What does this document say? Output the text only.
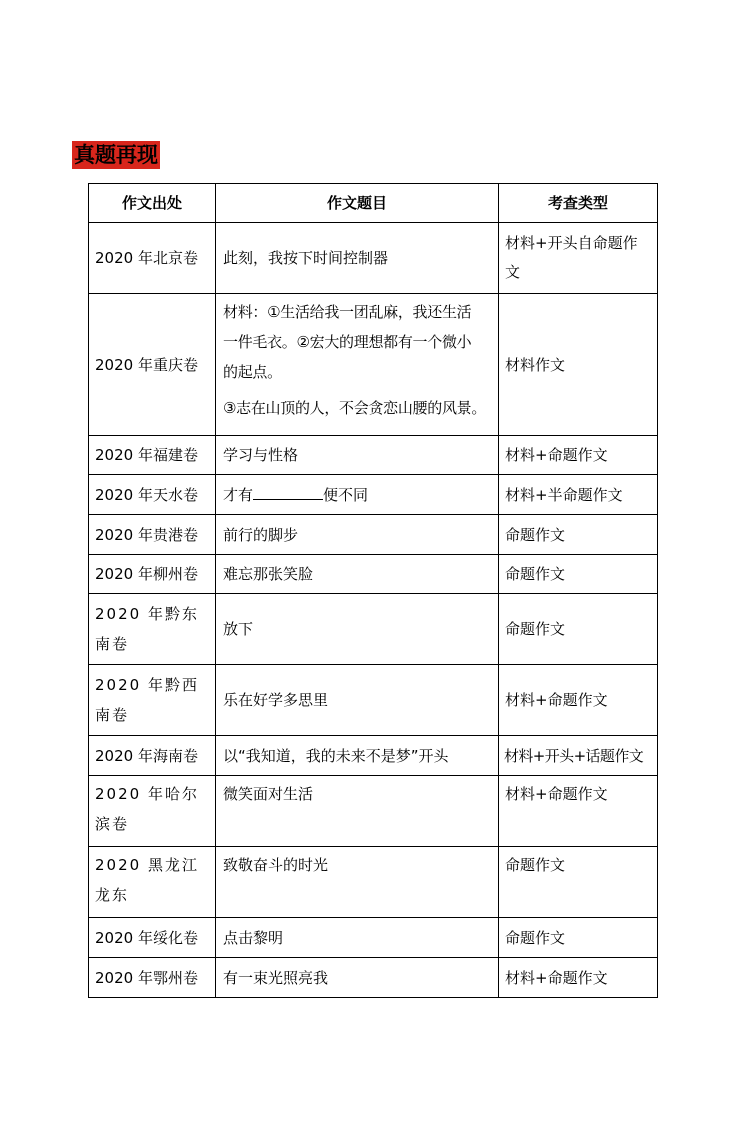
真题再现
作文出处	作文题目	考查类型
2020 年北京卷	此刻，我按下时间控制器	材料+开头自命题作文
2020 年重庆卷	材料：①生活给我一团乱麻，我还生活
一件毛衣。②宏大的理想都有一个微小
的起点。
③志在山顶的人，不会贪恋山腰的风景。	材料作文
2020 年福建卷	学习与性格	材料+命题作文
2020 年天水卷	才有 便不同	材料+半命题作文
2020 年贵港卷	前行的脚步	命题作文
2020 年柳州卷	难忘那张笑脸	命题作文
2020 年黔东南卷	放下	命题作文
2020 年黔西南卷	乐在好学多思里	材料+命题作文
2020 年海南卷	以“我知道，我的未来不是梦”开头	材料+开头+话题作文
2020 年哈尔滨卷	微笑面对生活	材料+命题作文
2020 黑龙江龙东	致敬奋斗的时光	命题作文
2020 年绥化卷	点击黎明	命题作文
2020 年鄂州卷	有一束光照亮我	材料+命题作文
